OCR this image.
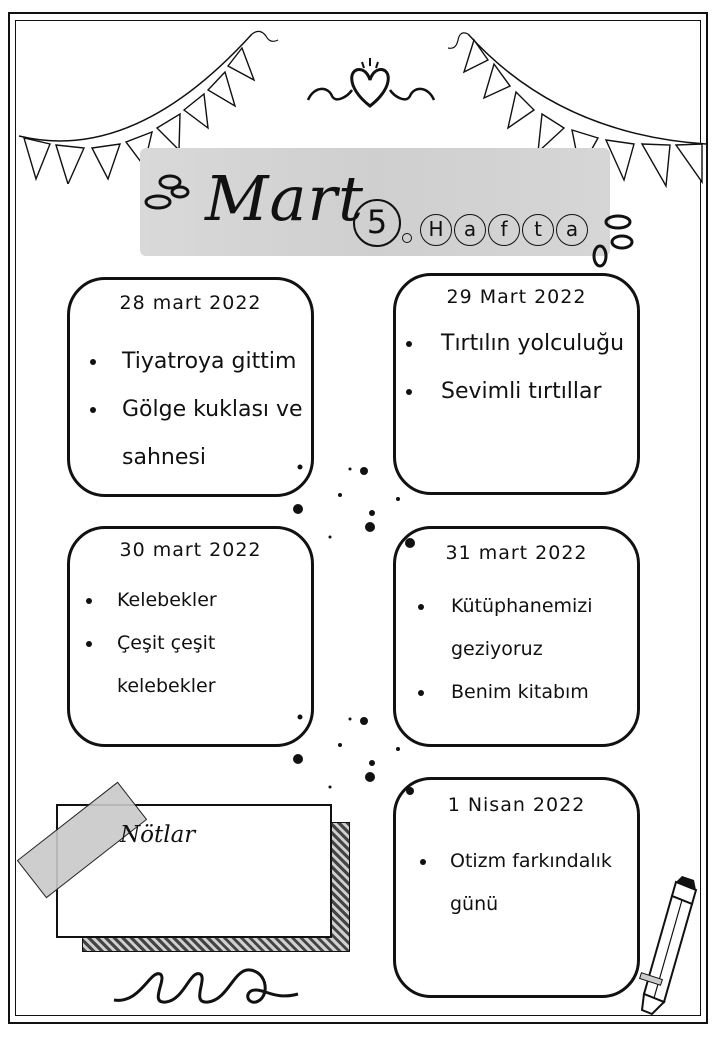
Mart 5	H	a	f	t	a
28 mart 2022
Tiyatroya gittim
Gölge kuklası ve
sahnesi
29 Mart 2022
Tırtılın yolculuğu
Sevimli tırtıllar
30 mart 2022
Kelebekler
Çeşit çeşit
kelebekler
31 mart 2022
Kütüphanemizi
geziyoruz
Benim kitabım
1 Nisan 2022
Otizm farkındalık
günü
Nötlar
